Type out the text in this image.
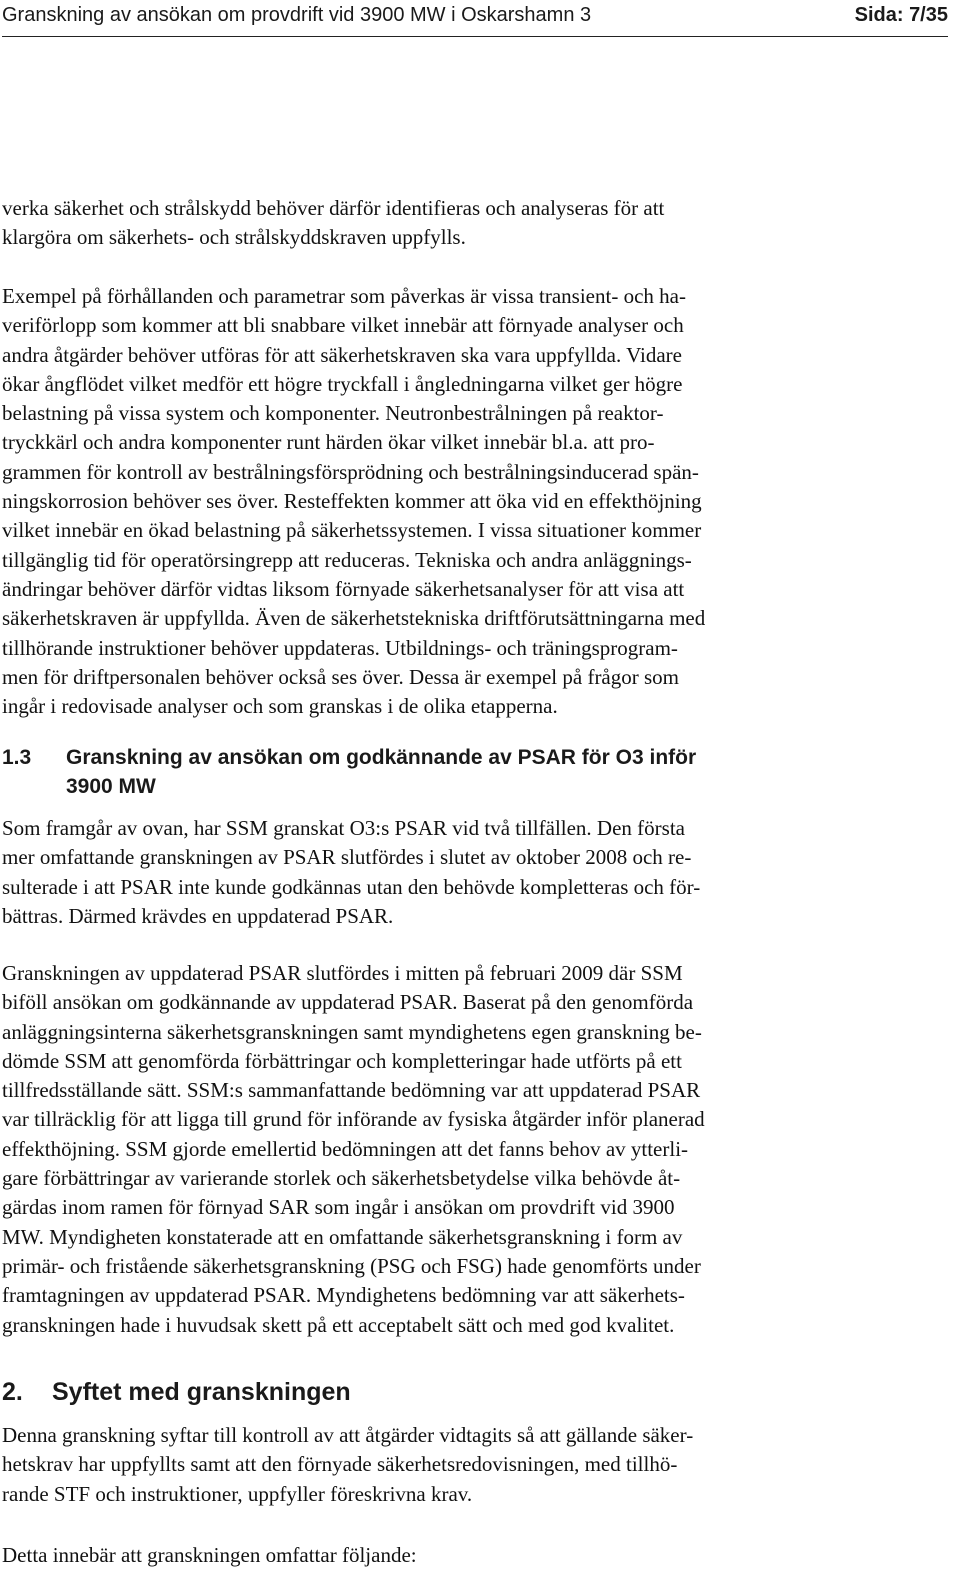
Granskning av ansökan om provdrift vid 3900 MW i Oskarshamn 3	Sida: 7/35

verka säkerhet och strålskydd behöver därför identifieras och analyseras för att
klargöra om säkerhets- och strålskyddskraven uppfylls.

Exempel på förhållanden och parametrar som påverkas är vissa transient- och ha-
veriförlopp som kommer att bli snabbare vilket innebär att förnyade analyser och
andra åtgärder behöver utföras för att säkerhetskraven ska vara uppfyllda. Vidare
ökar ångflödet vilket medför ett högre tryckfall i ångledningarna vilket ger högre
belastning på vissa system och komponenter. Neutronbestrålningen på reaktor-
tryckkärl och andra komponenter runt härden ökar vilket innebär bl.a. att pro-
grammen för kontroll av bestrålningsförsprödning och bestrålningsinducerad spän-
ningskorrosion behöver ses över. Resteffekten kommer att öka vid en effekthöjning
vilket innebär en ökad belastning på säkerhetssystemen. I vissa situationer kommer
tillgänglig tid för operatörsingrepp att reduceras. Tekniska och andra anläggnings-
ändringar behöver därför vidtas liksom förnyade säkerhetsanalyser för att visa att
säkerhetskraven är uppfyllda. Även de säkerhetstekniska driftförutsättningarna med
tillhörande instruktioner behöver uppdateras. Utbildnings- och träningsprogram-
men för driftpersonalen behöver också ses över. Dessa är exempel på frågor som
ingår i redovisade analyser och som granskas i de olika etapperna.

1.3 Granskning av ansökan om godkännande av PSAR för O3 inför
3900 MW

Som framgår av ovan, har SSM granskat O3:s PSAR vid två tillfällen. Den första
mer omfattande granskningen av PSAR slutfördes i slutet av oktober 2008 och re-
sulterade i att PSAR inte kunde godkännas utan den behövde kompletteras och för-
bättras. Därmed krävdes en uppdaterad PSAR.

Granskningen av uppdaterad PSAR slutfördes i mitten på februari 2009 där SSM
biföll ansökan om godkännande av uppdaterad PSAR. Baserat på den genomförda
anläggningsinterna säkerhetsgranskningen samt myndighetens egen granskning be-
dömde SSM att genomförda förbättringar och kompletteringar hade utförts på ett
tillfredsställande sätt. SSM:s sammanfattande bedömning var att uppdaterad PSAR
var tillräcklig för att ligga till grund för införande av fysiska åtgärder inför planerad
effekthöjning. SSM gjorde emellertid bedömningen att det fanns behov av ytterli-
gare förbättringar av varierande storlek och säkerhetsbetydelse vilka behövde åt-
gärdas inom ramen för förnyad SAR som ingår i ansökan om provdrift vid 3900
MW. Myndigheten konstaterade att en omfattande säkerhetsgranskning i form av
primär- och fristående säkerhetsgranskning (PSG och FSG) hade genomförts under
framtagningen av uppdaterad PSAR. Myndighetens bedömning var att säkerhets-
granskningen hade i huvudsak skett på ett acceptabelt sätt och med god kvalitet.

2. Syftet med granskningen

Denna granskning syftar till kontroll av att åtgärder vidtagits så att gällande säker-
hetskrav har uppfyllts samt att den förnyade säkerhetsredovisningen, med tillhö-
rande STF och instruktioner, uppfyller föreskrivna krav.

Detta innebär att granskningen omfattar följande:
